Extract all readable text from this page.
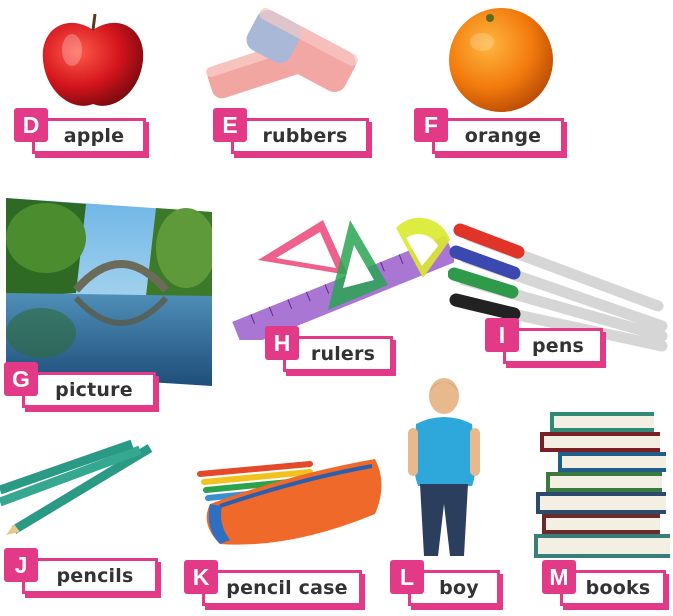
D	apple	E	rubbers	F	orange
G	picture
H	rulers
I	pens
J	pencils	K pencil case	L	boy	M books
